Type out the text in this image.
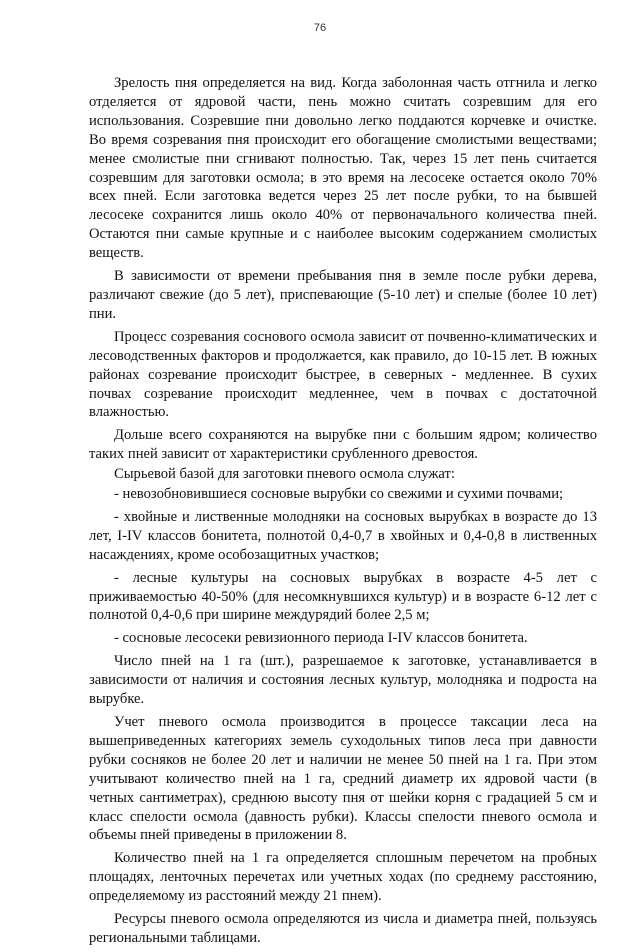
76

Зрелость пня определяется на вид. Когда заболонная часть отгнила и легко отделяется от ядровой части, пень можно считать созревшим для его использования. Созревшие пни довольно легко поддаются корчевке и очистке. Во время созревания пня происходит его обогащение смолистыми веществами; менее смолистые пни сгнивают полностью. Так, через 15 лет пень считается созревшим для заготовки осмола; в это время на лесосеке остается около 70% всех пней. Если заготовка ведется через 25 лет после рубки, то на бывшей лесосеке сохранится лишь около 40% от первоначального количества пней. Остаются пни самые крупные и с наиболее высоким содержанием смолистых веществ.

В зависимости от времени пребывания пня в земле после рубки дерева, различают свежие (до 5 лет), приспевающие (5-10 лет) и спелые (более 10 лет) пни.

Процесс созревания соснового осмола зависит от почвенно-климатических и лесоводственных факторов и продолжается, как правило, до 10-15 лет. В южных районах созревание происходит быстрее, в северных - медленнее. В сухих почвах созревание происходит медленнее, чем в почвах с достаточной влажностью.

Дольше всего сохраняются на вырубке пни с большим ядром; количество таких пней зависит от характеристики срубленного древостоя.

Сырьевой базой для заготовки пневого осмола служат:

- невозобновившиеся сосновые вырубки со свежими и сухими почвами;

- хвойные и лиственные молодняки на сосновых вырубках в возрасте до 13 лет, I-IV классов бонитета, полнотой 0,4-0,7 в хвойных и 0,4-0,8 в лиственных насаждениях, кроме особозащитных участков;

- лесные культуры на сосновых вырубках в возрасте 4-5 лет с приживаемостью 40-50% (для несомкнувшихся культур) и в возрасте 6-12 лет с полнотой 0,4-0,6 при ширине междурядий более 2,5 м;

- сосновые лесосеки ревизионного периода I-IV классов бонитета.

Число пней на 1 га (шт.), разрешаемое к заготовке, устанавливается в зависимости от наличия и состояния лесных культур, молодняка и подроста на вырубке.

Учет пневого осмола производится в процессе таксации леса на вышеприведенных категориях земель суходольных типов леса при давности рубки сосняков не более 20 лет и наличии не менее 50 пней на 1 га. При этом учитывают количество пней на 1 га, средний диаметр их ядровой части (в четных сантиметрах), среднюю высоту пня от шейки корня с градацией 5 см и класс спелости осмола (давность рубки). Классы спелости пневого осмола и объемы пней приведены в приложении 8.

Количество пней на 1 га определяется сплошным перечетом на пробных площадях, ленточных перечетах или учетных ходах (по среднему расстоянию, определяемому из расстояний между 21 пнем).

Ресурсы пневого осмола определяются из числа и диаметра пней, пользуясь региональными таблицами.
